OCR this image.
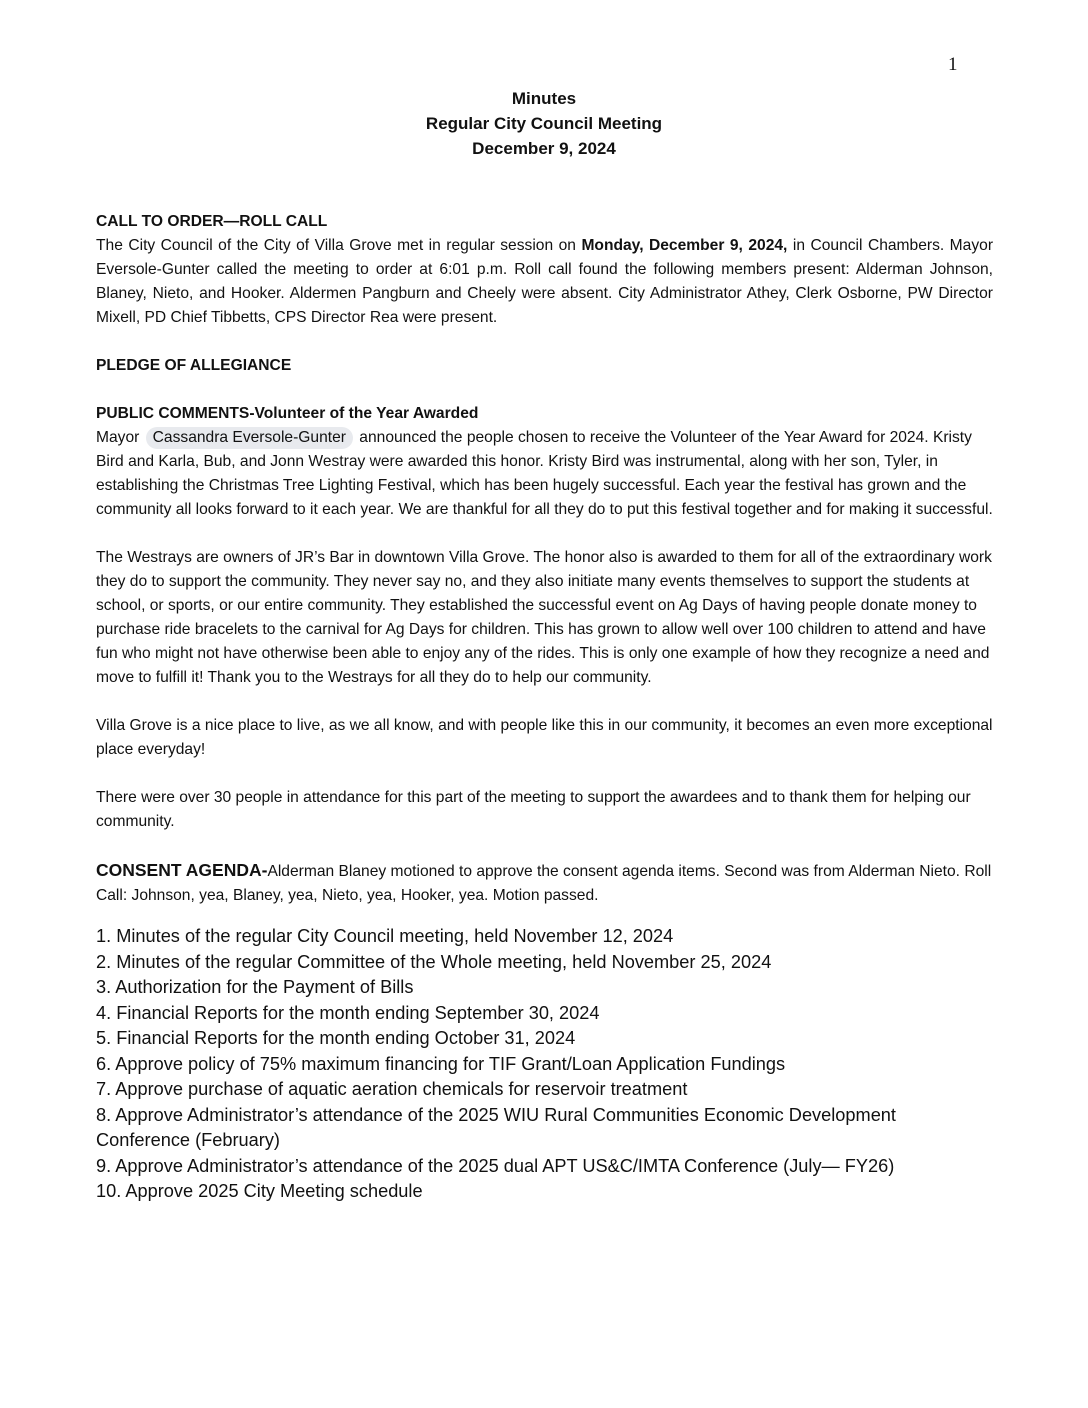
1
Minutes
Regular City Council Meeting
December 9, 2024

CALL TO ORDER—ROLL CALL

The City Council of the City of Villa Grove met in regular session on Monday, December 9, 2024, in Council Chambers. Mayor Eversole-Gunter called the meeting to order at 6:01 p.m. Roll call found the following members present: Alderman Johnson, Blaney, Nieto, and Hooker. Aldermen Pangburn and Cheely were absent. City Administrator Athey, Clerk Osborne, PW Director Mixell, PD Chief Tibbetts, CPS Director Rea were present.

PLEDGE OF ALLEGIANCE

PUBLIC COMMENTS-Volunteer of the Year Awarded

Mayor Cassandra Eversole-Gunter announced the people chosen to receive the Volunteer of the Year Award for 2024. Kristy Bird and Karla, Bub, and Jonn Westray were awarded this honor. Kristy Bird was instrumental, along with her son, Tyler, in establishing the Christmas Tree Lighting Festival, which has been hugely successful. Each year the festival has grown and the community all looks forward to it each year. We are thankful for all they do to put this festival together and for making it successful.

The Westrays are owners of JR’s Bar in downtown Villa Grove. The honor also is awarded to them for all of the extraordinary work they do to support the community. They never say no, and they also initiate many events themselves to support the students at school, or sports, or our entire community. They established the successful event on Ag Days of having people donate money to purchase ride bracelets to the carnival for Ag Days for children. This has grown to allow well over 100 children to attend and have fun who might not have otherwise been able to enjoy any of the rides. This is only one example of how they recognize a need and move to fulfill it! Thank you to the Westrays for all they do to help our community.

Villa Grove is a nice place to live, as we all know, and with people like this in our community, it becomes an even more exceptional place everyday!

There were over 30 people in attendance for this part of the meeting to support the awardees and to thank them for helping our community.

CONSENT AGENDA-Alderman Blaney motioned to approve the consent agenda items. Second was from Alderman Nieto. Roll Call: Johnson, yea, Blaney, yea, Nieto, yea, Hooker, yea. Motion passed.

1. Minutes of the regular City Council meeting, held November 12, 2024

2. Minutes of the regular Committee of the Whole meeting, held November 25, 2024

3. Authorization for the Payment of Bills

4. Financial Reports for the month ending September 30, 2024

5. Financial Reports for the month ending October 31, 2024

6. Approve policy of 75% maximum financing for TIF Grant/Loan Application Fundings

7. Approve purchase of aquatic aeration chemicals for reservoir treatment

8. Approve Administrator’s attendance of the 2025 WIU Rural Communities Economic Development Conference (February)

9. Approve Administrator’s attendance of the 2025 dual APT US&C/IMTA Conference (July— FY26)

10. Approve 2025 City Meeting schedule
